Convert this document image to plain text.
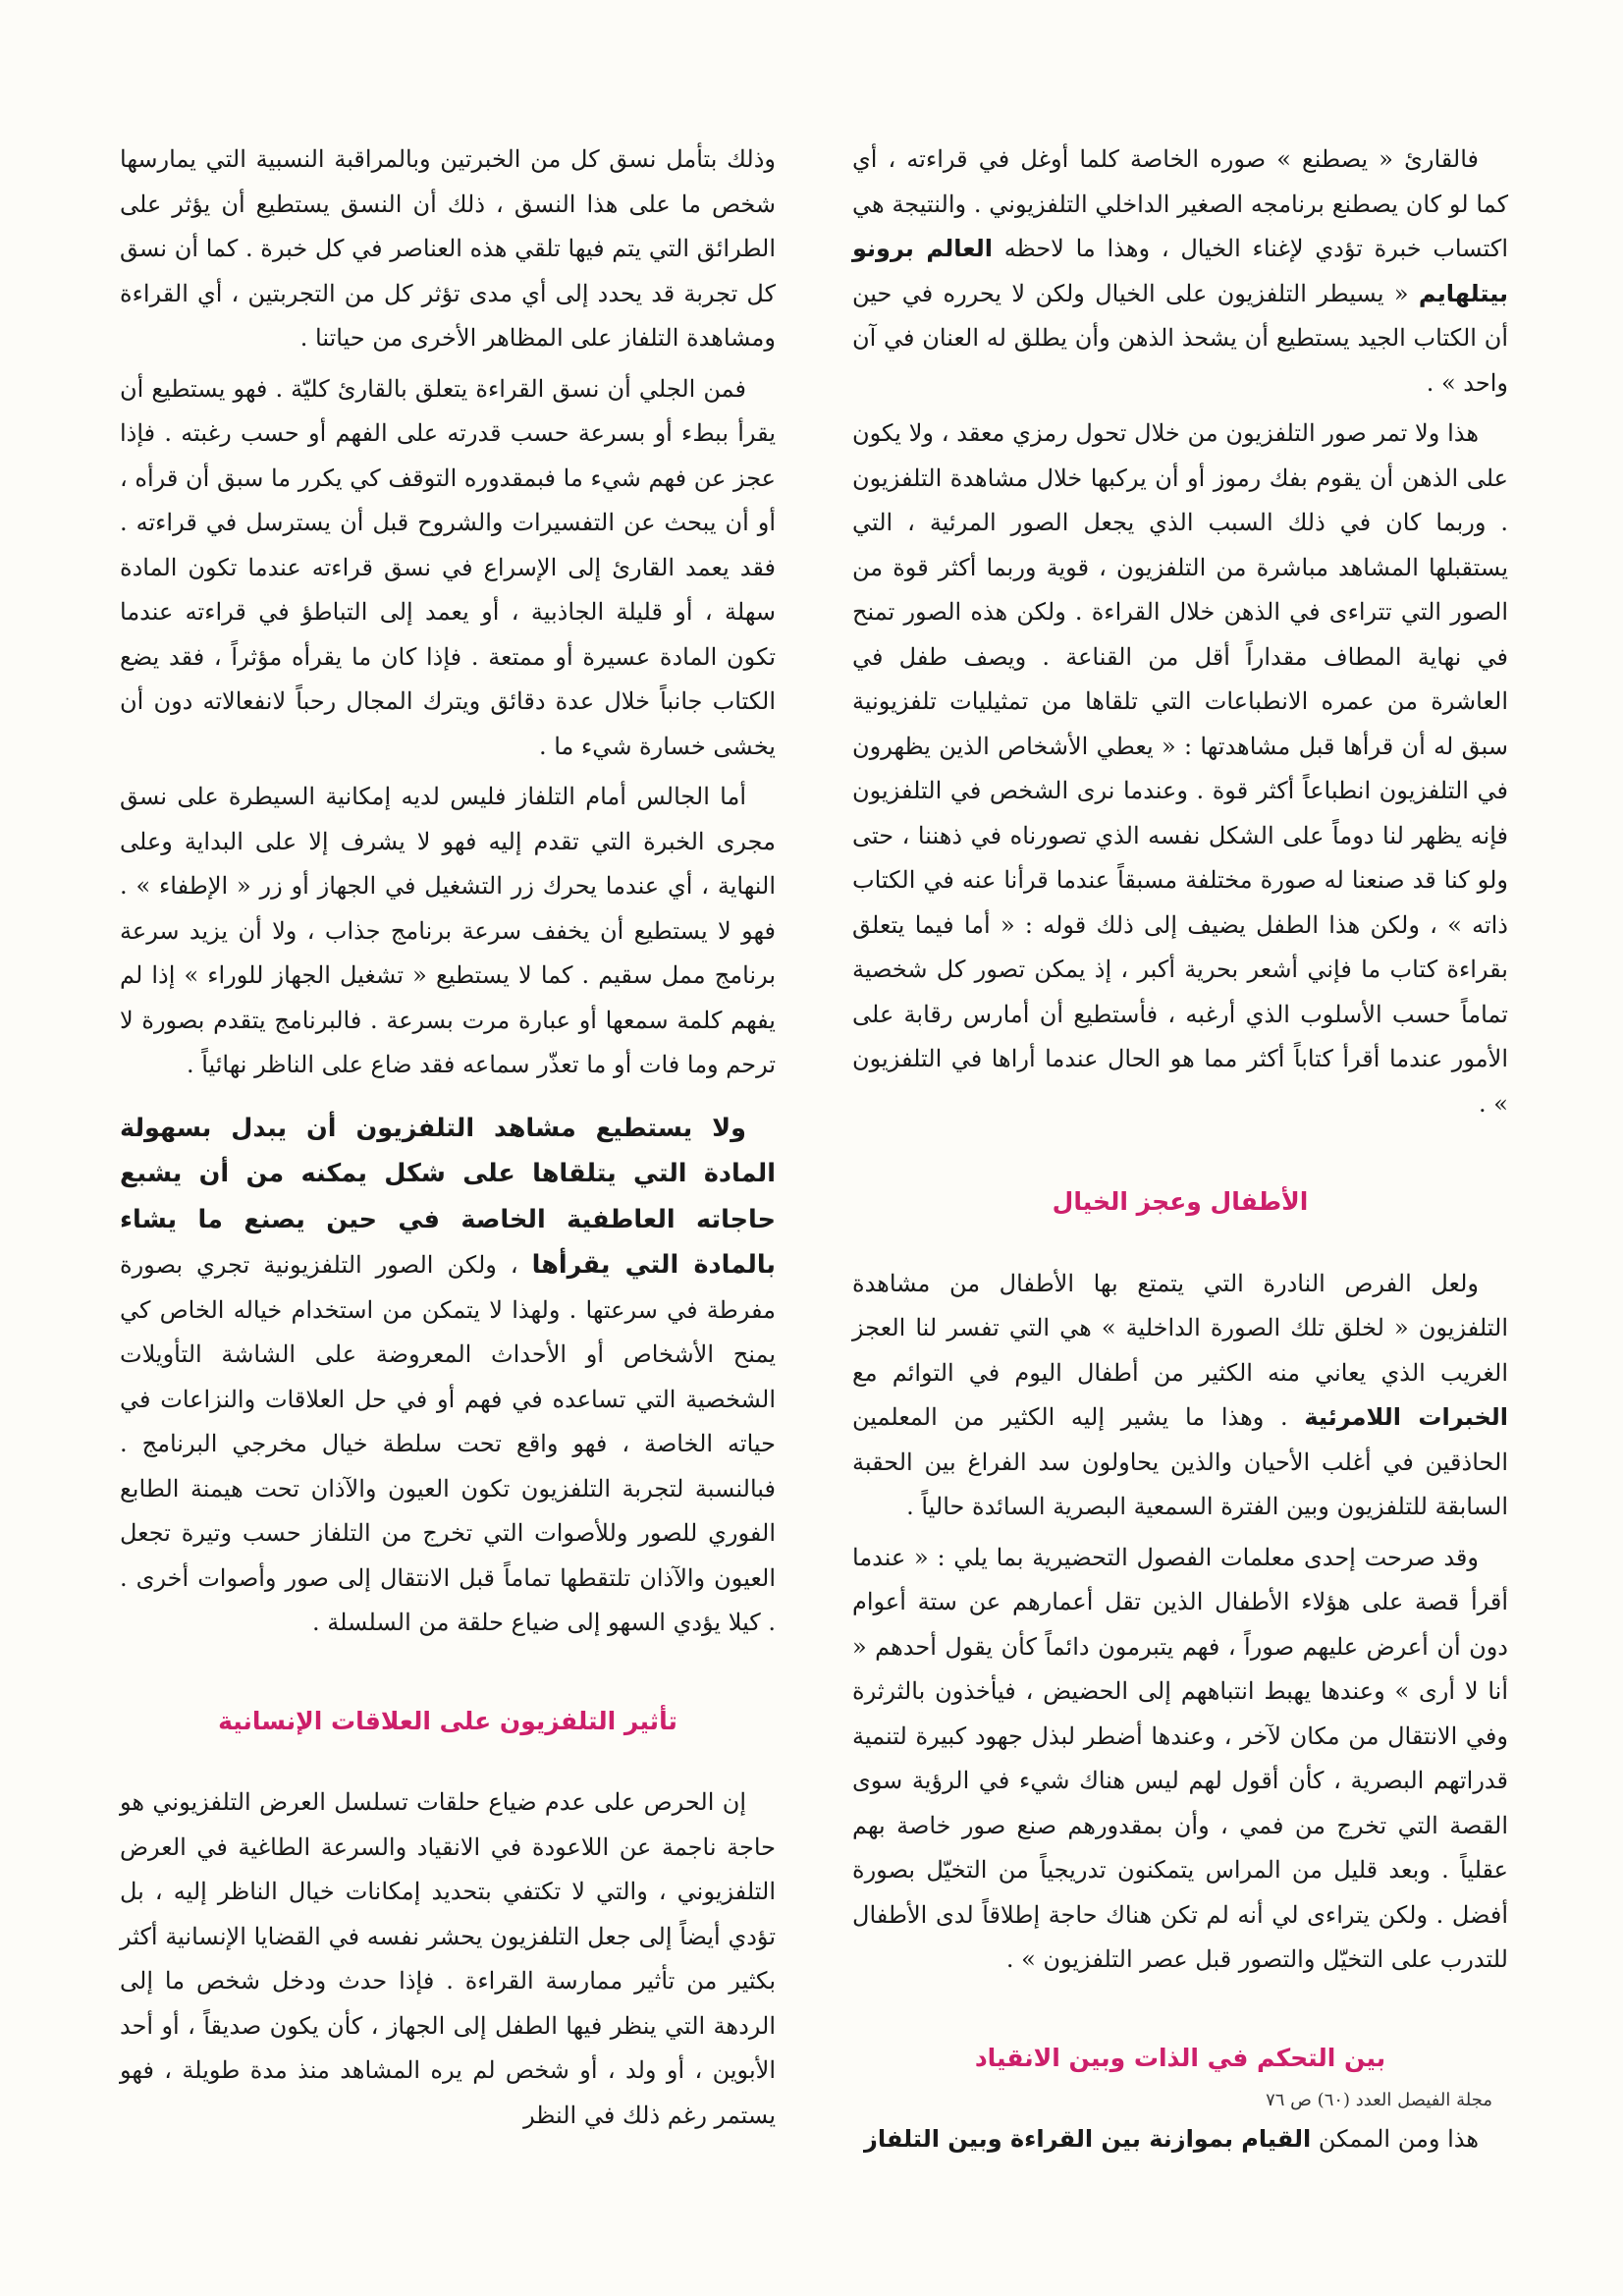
فالقارئ « يصطنع » صوره الخاصة كلما أوغل في قراءته ، أي كما لو كان يصطنع برنامجه الصغير الداخلي التلفزيوني . والنتيجة هي اكتساب خبرة تؤدي لإغناء الخيال ، وهذا ما لاحظه العالم برونو بيتلهايم « يسيطر التلفزيون على الخيال ولكن لا يحرره في حين أن الكتاب الجيد يستطيع أن يشحذ الذهن وأن يطلق له العنان في آن واحد » .

هذا ولا تمر صور التلفزيون من خلال تحول رمزي معقد ، ولا يكون على الذهن أن يقوم بفك رموز أو أن يركبها خلال مشاهدة التلفزيون . وربما كان في ذلك السبب الذي يجعل الصور المرئية ، التي يستقبلها المشاهد مباشرة من التلفزيون ، قوية وربما أكثر قوة من الصور التي تتراءى في الذهن خلال القراءة . ولكن هذه الصور تمنح في نهاية المطاف مقداراً أقل من القناعة . ويصف طفل في العاشرة من عمره الانطباعات التي تلقاها من تمثيليات تلفزيونية سبق له أن قرأها قبل مشاهدتها : « يعطي الأشخاص الذين يظهرون في التلفزيون انطباعاً أكثر قوة . وعندما نرى الشخص في التلفزيون فإنه يظهر لنا دوماً على الشكل نفسه الذي تصورناه في ذهننا ، حتى ولو كنا قد صنعنا له صورة مختلفة مسبقاً عندما قرأنا عنه في الكتاب ذاته » ، ولكن هذا الطفل يضيف إلى ذلك قوله : « أما فيما يتعلق بقراءة كتاب ما فإني أشعر بحرية أكبر ، إذ يمكن تصور كل شخصية تماماً حسب الأسلوب الذي أرغبه ، فأستطيع أن أمارس رقابة على الأمور عندما أقرأ كتاباً أكثر مما هو الحال عندما أراها في التلفزيون » .

الأطفال وعجز الخيال

ولعل الفرص النادرة التي يتمتع بها الأطفال من مشاهدة التلفزيون « لخلق تلك الصورة الداخلية » هي التي تفسر لنا العجز الغريب الذي يعاني منه الكثير من أطفال اليوم في التوائم مع الخبرات اللامرئية . وهذا ما يشير إليه الكثير من المعلمين الحاذقين في أغلب الأحيان والذين يحاولون سد الفراغ بين الحقبة السابقة للتلفزيون وبين الفترة السمعية البصرية السائدة حالياً .

وقد صرحت إحدى معلمات الفصول التحضيرية بما يلي : « عندما أقرأ قصة على هؤلاء الأطفال الذين تقل أعمارهم عن ستة أعوام دون أن أعرض عليهم صوراً ، فهم يتبرمون دائماً كأن يقول أحدهم « أنا لا أرى » وعندها يهبط انتباههم إلى الحضيض ، فيأخذون بالثرثرة وفي الانتقال من مكان لآخر ، وعندها أضطر لبذل جهود كبيرة لتنمية قدراتهم البصرية ، كأن أقول لهم ليس هناك شيء في الرؤية سوى القصة التي تخرج من فمي ، وأن بمقدورهم صنع صور خاصة بهم عقلياً . وبعد قليل من المراس يتمكنون تدريجياً من التخيّل بصورة أفضل . ولكن يتراءى لي أنه لم تكن هناك حاجة إطلاقاً لدى الأطفال للتدرب على التخيّل والتصور قبل عصر التلفزيون » .

بين التحكم في الذات وبين الانقياد

هذا ومن الممكن القيام بموازنة بين القراءة وبين التلفاز

وذلك بتأمل نسق كل من الخبرتين وبالمراقبة النسبية التي يمارسها شخص ما على هذا النسق ، ذلك أن النسق يستطيع أن يؤثر على الطرائق التي يتم فيها تلقي هذه العناصر في كل خبرة . كما أن نسق كل تجربة قد يحدد إلى أي مدى تؤثر كل من التجربتين ، أي القراءة ومشاهدة التلفاز على المظاهر الأخرى من حياتنا .

فمن الجلي أن نسق القراءة يتعلق بالقارئ كليّة . فهو يستطيع أن يقرأ ببطء أو بسرعة حسب قدرته على الفهم أو حسب رغبته . فإذا عجز عن فهم شيء ما فبمقدوره التوقف كي يكرر ما سبق أن قرأه ، أو أن يبحث عن التفسيرات والشروح قبل أن يسترسل في قراءته . فقد يعمد القارئ إلى الإسراع في نسق قراءته عندما تكون المادة سهلة ، أو قليلة الجاذبية ، أو يعمد إلى التباطؤ في قراءته عندما تكون المادة عسيرة أو ممتعة . فإذا كان ما يقرأه مؤثراً ، فقد يضع الكتاب جانباً خلال عدة دقائق ويترك المجال رحباً لانفعالاته دون أن يخشى خسارة شيء ما .

أما الجالس أمام التلفاز فليس لديه إمكانية السيطرة على نسق مجرى الخبرة التي تقدم إليه فهو لا يشرف إلا على البداية وعلى النهاية ، أي عندما يحرك زر التشغيل في الجهاز أو زر « الإطفاء » . فهو لا يستطيع أن يخفف سرعة برنامج جذاب ، ولا أن يزيد سرعة برنامج ممل سقيم . كما لا يستطيع « تشغيل الجهاز للوراء » إذا لم يفهم كلمة سمعها أو عبارة مرت بسرعة . فالبرنامج يتقدم بصورة لا ترحم وما فات أو ما تعذّر سماعه فقد ضاع على الناظر نهائياً .

ولا يستطيع مشاهد التلفزيون أن يبدل بسهولة المادة التي يتلقاها على شكل يمكنه من أن يشبع حاجاته العاطفية الخاصة في حين يصنع ما يشاء بالمادة التي يقرأها ، ولكن الصور التلفزيونية تجري بصورة مفرطة في سرعتها . ولهذا لا يتمكن من استخدام خياله الخاص كي يمنح الأشخاص أو الأحداث المعروضة على الشاشة التأويلات الشخصية التي تساعده في فهم أو في حل العلاقات والنزاعات في حياته الخاصة ، فهو واقع تحت سلطة خيال مخرجي البرنامج . فبالنسبة لتجربة التلفزيون تكون العيون والآذان تحت هيمنة الطابع الفوري للصور وللأصوات التي تخرج من التلفاز حسب وتيرة تجعل العيون والآذان تلتقطها تماماً قبل الانتقال إلى صور وأصوات أخرى . . كيلا يؤدي السهو إلى ضياع حلقة من السلسلة .

تأثير التلفزيون على العلاقات الإنسانية

إن الحرص على عدم ضياع حلقات تسلسل العرض التلفزيوني هو حاجة ناجمة عن اللاعودة في الانقياد والسرعة الطاغية في العرض التلفزيوني ، والتي لا تكتفي بتحديد إمكانات خيال الناظر إليه ، بل تؤدي أيضاً إلى جعل التلفزيون يحشر نفسه في القضايا الإنسانية أكثر بكثير من تأثير ممارسة القراءة . فإذا حدث ودخل شخص ما إلى الردهة التي ينظر فيها الطفل إلى الجهاز ، كأن يكون صديقاً ، أو أحد الأبوين ، أو ولد ، أو شخص لم يره المشاهد منذ مدة طويلة ، فهو يستمر رغم ذلك في النظر

مجلة الفيصل العدد (٦٠) ص ٧٦
